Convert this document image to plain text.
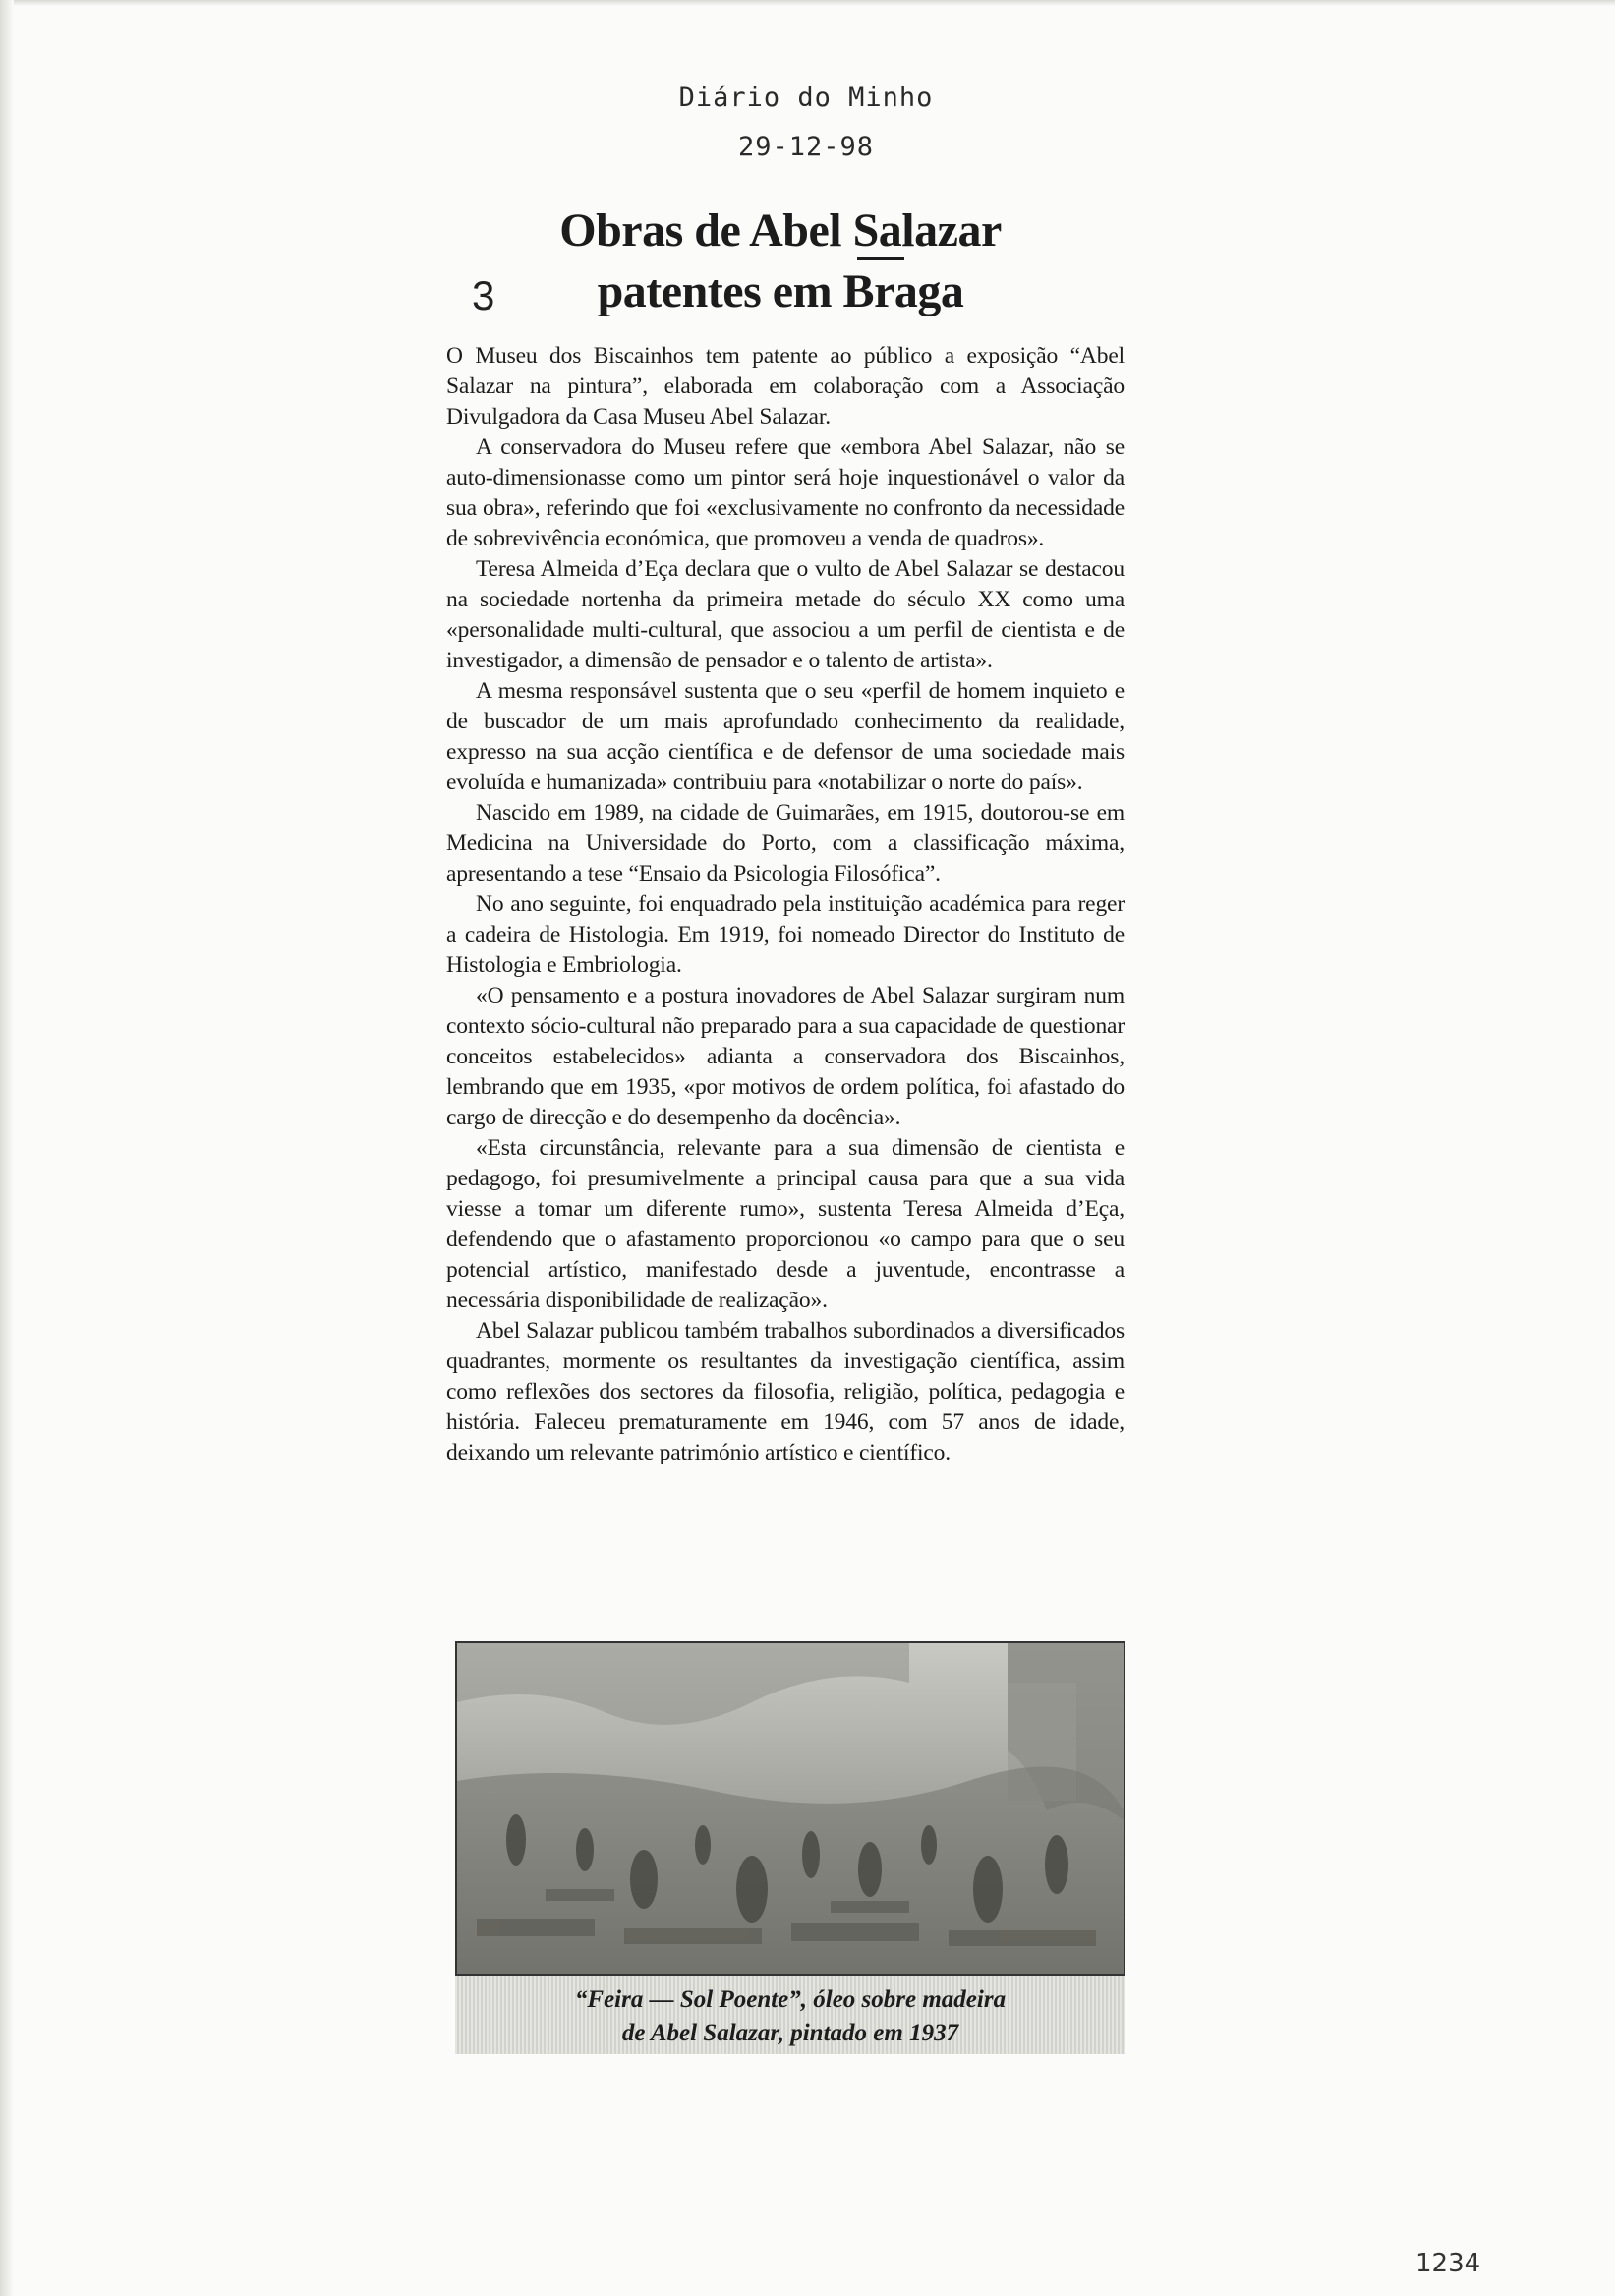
Diário do Minho
29-12-98
Obras de Abel Salazar
patentes em Braga
3

O Museu dos Biscainhos tem patente ao público a exposição “Abel Salazar na pintura”, elaborada em colaboração com a Associação Divulgadora da Casa Museu Abel Salazar.

A conservadora do Museu refere que «embora Abel Salazar, não se auto-dimensionasse como um pintor será hoje inquestionável o valor da sua obra», referindo que foi «exclusivamente no confronto da necessidade de sobrevivência económica, que promoveu a venda de quadros».

Teresa Almeida d’Eça declara que o vulto de Abel Salazar se destacou na sociedade nortenha da primeira metade do século XX como uma «personalidade multi-cultural, que associou a um perfil de cientista e de investigador, a dimensão de pensador e o talento de artista».

A mesma responsável sustenta que o seu «perfil de homem inquieto e de buscador de um mais aprofundado conhecimento da realidade, expresso na sua acção científica e de defensor de uma sociedade mais evoluída e humanizada» contribuiu para «notabilizar o norte do país».

Nascido em 1989, na cidade de Guimarães, em 1915, doutorou-se em Medicina na Universidade do Porto, com a classificação máxima, apresentando a tese “Ensaio da Psicologia Filosófica”.

No ano seguinte, foi enquadrado pela instituição académica para reger a cadeira de Histologia. Em 1919, foi nomeado Director do Instituto de Histologia e Embriologia.

«O pensamento e a postura inovadores de Abel Salazar surgiram num contexto sócio-cultural não preparado para a sua capacidade de questionar conceitos estabelecidos» adianta a conservadora dos Biscainhos, lembrando que em 1935, «por motivos de ordem política, foi afastado do cargo de direcção e do desempenho da docência».

«Esta circunstância, relevante para a sua dimensão de cientista e pedagogo, foi presumivelmente a principal causa para que a sua vida viesse a tomar um diferente rumo», sustenta Teresa Almeida d’Eça, defendendo que o afastamento proporcionou «o campo para que o seu potencial artístico, manifestado desde a juventude, encontrasse a necessária disponibilidade de realização».

Abel Salazar publicou também trabalhos subordinados a diversificados quadrantes, mormente os resultantes da investigação científica, assim como reflexões dos sectores da filosofia, religião, política, pedagogia e história. Faleceu prematuramente em 1946, com 57 anos de idade, deixando um relevante património artístico e científico.

“Feira — Sol Poente”, óleo sobre madeira
de Abel Salazar, pintado em 1937
1234
